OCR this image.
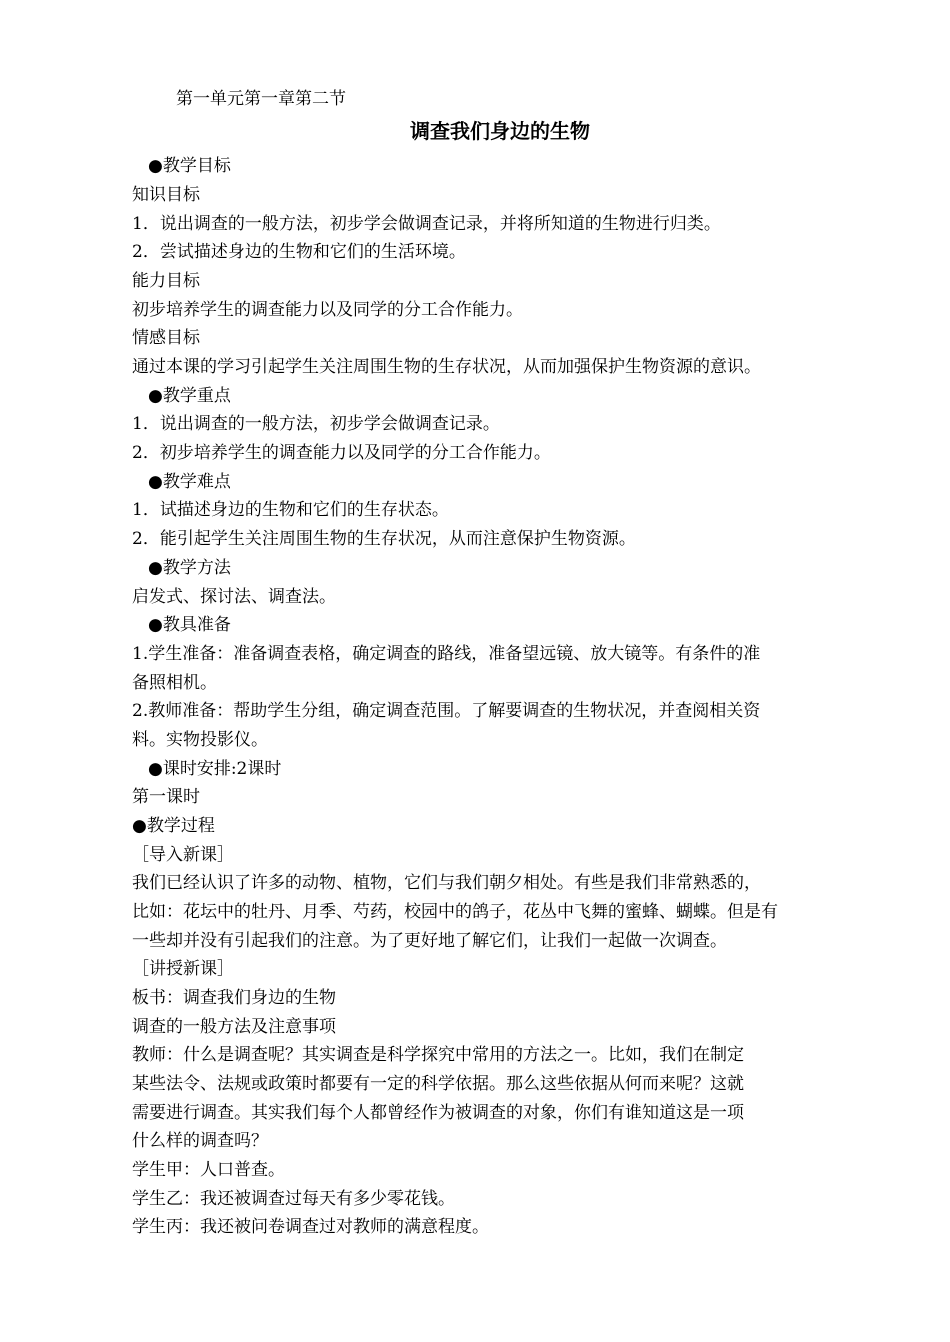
第一单元第一章第二节
调查我们身边的生物
●教学目标
知识目标
1．说出调查的一般方法，初步学会做调查记录，并将所知道的生物进行归类。
2．尝试描述身边的生物和它们的生活环境。
能力目标
初步培养学生的调查能力以及同学的分工合作能力。
情感目标
通过本课的学习引起学生关注周围生物的生存状况，从而加强保护生物资源的意识。
●教学重点
1．说出调查的一般方法，初步学会做调查记录。
2．初步培养学生的调查能力以及同学的分工合作能力。
●教学难点
1．试描述身边的生物和它们的生存状态。
2．能引起学生关注周围生物的生存状况，从而注意保护生物资源。
●教学方法
启发式、探讨法、调查法。
●教具准备
1.学生准备：准备调查表格，确定调查的路线，准备望远镜、放大镜等。有条件的准
备照相机。
2.教师准备：帮助学生分组，确定调查范围。了解要调查的生物状况，并查阅相关资
料。实物投影仪。
●课时安排:2课时
第一课时
●教学过程
［导入新课］
我们已经认识了许多的动物、植物，它们与我们朝夕相处。有些是我们非常熟悉的，
比如：花坛中的牡丹、月季、芍药，校园中的鸽子，花丛中飞舞的蜜蜂、蝴蝶。但是有
一些却并没有引起我们的注意。为了更好地了解它们，让我们一起做一次调查。
［讲授新课］
板书：调查我们身边的生物
调查的一般方法及注意事项
教师：什么是调查呢？其实调查是科学探究中常用的方法之一。比如，我们在制定
某些法令、法规或政策时都要有一定的科学依据。那么这些依据从何而来呢？这就
需要进行调查。其实我们每个人都曾经作为被调查的对象，你们有谁知道这是一项
什么样的调查吗？
学生甲：人口普查。
学生乙：我还被调查过每天有多少零花钱。
学生丙：我还被问卷调查过对教师的满意程度。
